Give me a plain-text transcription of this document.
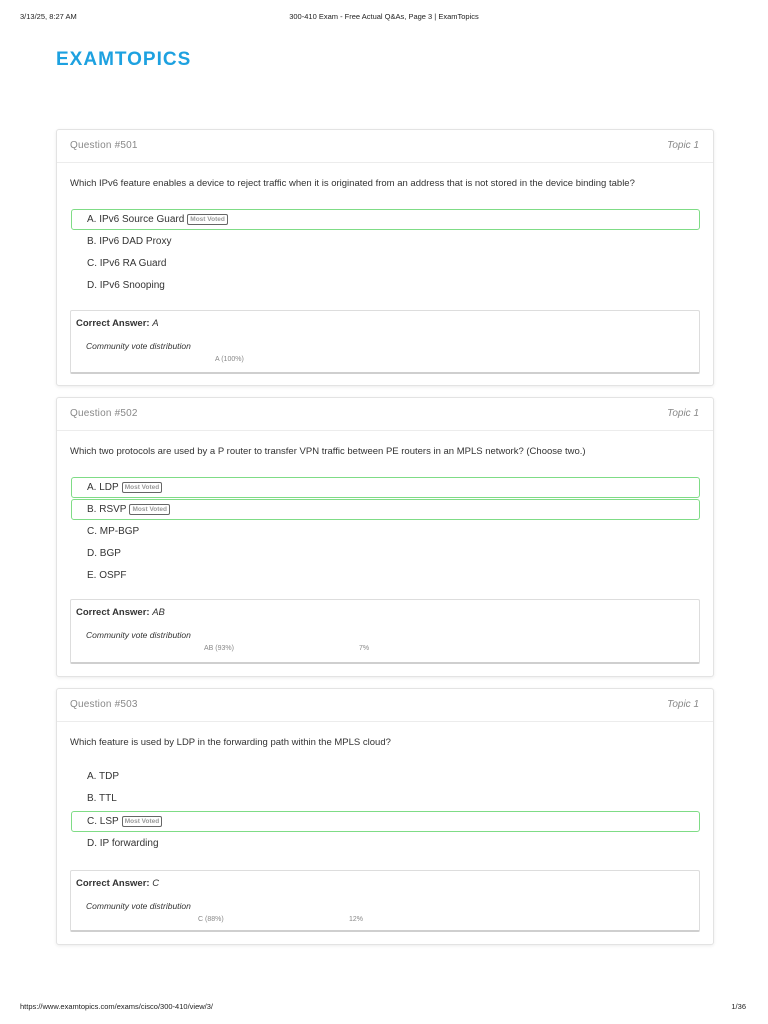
3/13/25, 8:27 AM	300-410 Exam - Free Actual Q&As, Page 3 | ExamTopics
EXAMTOPICS
Question #501	Topic 1
Which IPv6 feature enables a device to reject traffic when it is originated from an address that is not stored in the device binding table?
A. IPv6 Source Guard Most Voted
B. IPv6 DAD Proxy
C. IPv6 RA Guard
D. IPv6 Snooping
Correct Answer: A
Community vote distribution
A (100%)
Question #502	Topic 1
Which two protocols are used by a P router to transfer VPN traffic between PE routers in an MPLS network? (Choose two.)
A. LDP Most Voted
B. RSVP Most Voted
C. MP-BGP
D. BGP
E. OSPF
Correct Answer: AB
Community vote distribution
AB (93%)	7%
Question #503	Topic 1
Which feature is used by LDP in the forwarding path within the MPLS cloud?
A. TDP
B. TTL
C. LSP Most Voted
D. IP forwarding
Correct Answer: C
Community vote distribution
C (88%)	12%
https://www.examtopics.com/exams/cisco/300-410/view/3/	1/36
